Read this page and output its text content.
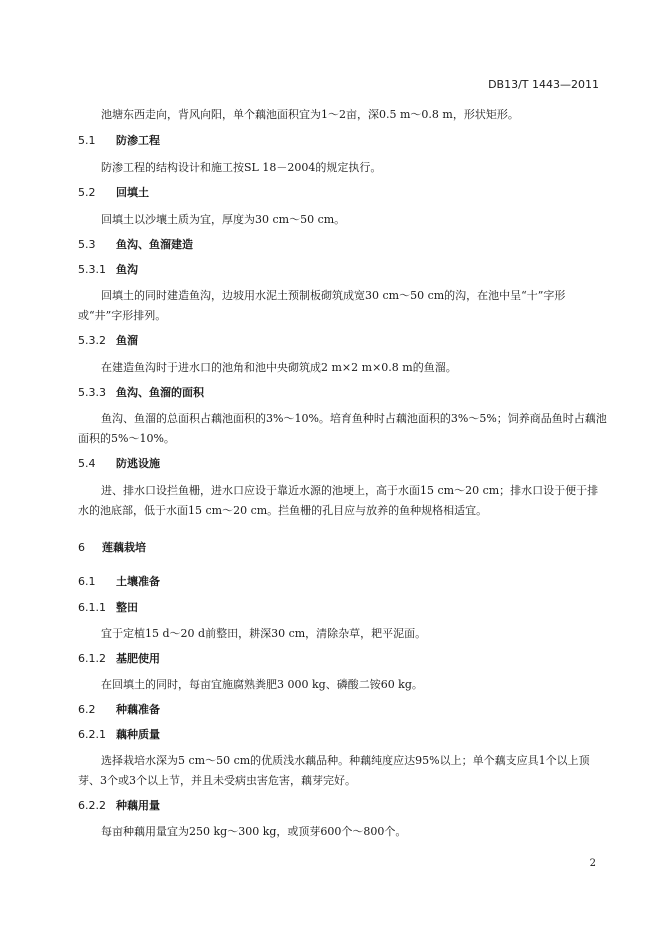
DB13/T 1443—2011

池塘东西走向，背风向阳，单个藕池面积宜为1～2亩，深0.5 m～0.8 m，形状矩形。

5.1 防渗工程

防渗工程的结构设计和施工按SL 18－2004的规定执行。

5.2 回填土

回填土以沙壤土质为宜，厚度为30 cm～50 cm。

5.3 鱼沟、鱼溜建造
5.3.1 鱼沟

回填土的同时建造鱼沟，边坡用水泥土预制板砌筑成宽30 cm～50 cm的沟，在池中呈“十”字形或“井”字形排列。

5.3.2 鱼溜

在建造鱼沟时于进水口的池角和池中央砌筑成2 m×2 m×0.8 m的鱼溜。

5.3.3 鱼沟、鱼溜的面积

鱼沟、鱼溜的总面积占藕池面积的3%～10%。培育鱼种时占藕池面积的3%～5%；饲养商品鱼时占藕池面积的5%～10%。

5.4 防逃设施

进、排水口设拦鱼栅，进水口应设于靠近水源的池埂上，高于水面15 cm～20 cm；排水口设于便于排水的池底部，低于水面15 cm～20 cm。拦鱼栅的孔目应与放养的鱼种规格相适宜。

6 莲藕栽培
6.1 土壤准备
6.1.1 整田

宜于定植15 d～20 d前整田，耕深30 cm，清除杂草，耙平泥面。

6.1.2 基肥使用

在回填土的同时，每亩宜施腐熟粪肥3 000 kg、磷酸二铵60 kg。

6.2 种藕准备
6.2.1 藕种质量

选择栽培水深为5 cm～50 cm的优质浅水藕品种。种藕纯度应达95%以上；单个藕支应具1个以上顶芽、3个或3个以上节，并且未受病虫害危害，藕芽完好。

6.2.2 种藕用量

每亩种藕用量宜为250 kg～300 kg，或顶芽600个～800个。

2
